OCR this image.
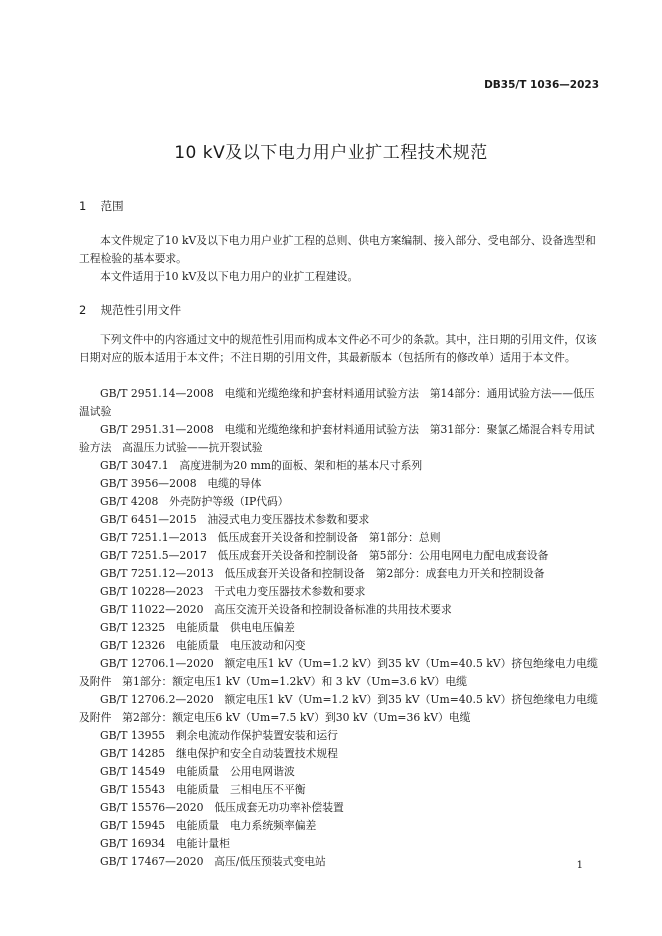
DB35/T 1036—2023
10 kV及以下电力用户业扩工程技术规范
1 范围
本文件规定了10 kV及以下电力用户业扩工程的总则、供电方案编制、接入部分、受电部分、设备选型和工程检验的基本要求。
本文件适用于10 kV及以下电力用户的业扩工程建设。
2 规范性引用文件
下列文件中的内容通过文中的规范性引用而构成本文件必不可少的条款。其中，注日期的引用文件，仅该日期对应的版本适用于本文件；不注日期的引用文件，其最新版本（包括所有的修改单）适用于本文件。
GB/T 2951.14—2008　电缆和光缆绝缘和护套材料通用试验方法　第14部分：通用试验方法——低压温试验
GB/T 2951.31—2008　电缆和光缆绝缘和护套材料通用试验方法　第31部分：聚氯乙烯混合料专用试验方法　高温压力试验——抗开裂试验
GB/T 3047.1　高度进制为20 mm的面板、架和柜的基本尺寸系列
GB/T 3956—2008　电缆的导体
GB/T 4208　外壳防护等级（IP代码）
GB/T 6451—2015　油浸式电力变压器技术参数和要求
GB/T 7251.1—2013　低压成套开关设备和控制设备　第1部分：总则
GB/T 7251.5—2017　低压成套开关设备和控制设备　第5部分：公用电网电力配电成套设备
GB/T 7251.12—2013　低压成套开关设备和控制设备　第2部分：成套电力开关和控制设备
GB/T 10228—2023　干式电力变压器技术参数和要求
GB/T 11022—2020　高压交流开关设备和控制设备标准的共用技术要求
GB/T 12325　电能质量　供电电压偏差
GB/T 12326　电能质量　电压波动和闪变
GB/T 12706.1—2020　额定电压1 kV（Um=1.2 kV）到35 kV（Um=40.5 kV）挤包绝缘电力电缆及附件　第1部分：额定电压1 kV（Um=1.2kV）和 3 kV（Um=3.6 kV）电缆
GB/T 12706.2—2020　额定电压1 kV（Um=1.2 kV）到35 kV（Um=40.5 kV）挤包绝缘电力电缆及附件　第2部分：额定电压6 kV（Um=7.5 kV）到30 kV（Um=36 kV）电缆
GB/T 13955　剩余电流动作保护装置安装和运行
GB/T 14285　继电保护和安全自动装置技术规程
GB/T 14549　电能质量　公用电网谐波
GB/T 15543　电能质量　三相电压不平衡
GB/T 15576—2020　低压成套无功功率补偿装置
GB/T 15945　电能质量　电力系统频率偏差
GB/T 16934　电能计量柜
GB/T 17467—2020　高压/低压预装式变电站	1
